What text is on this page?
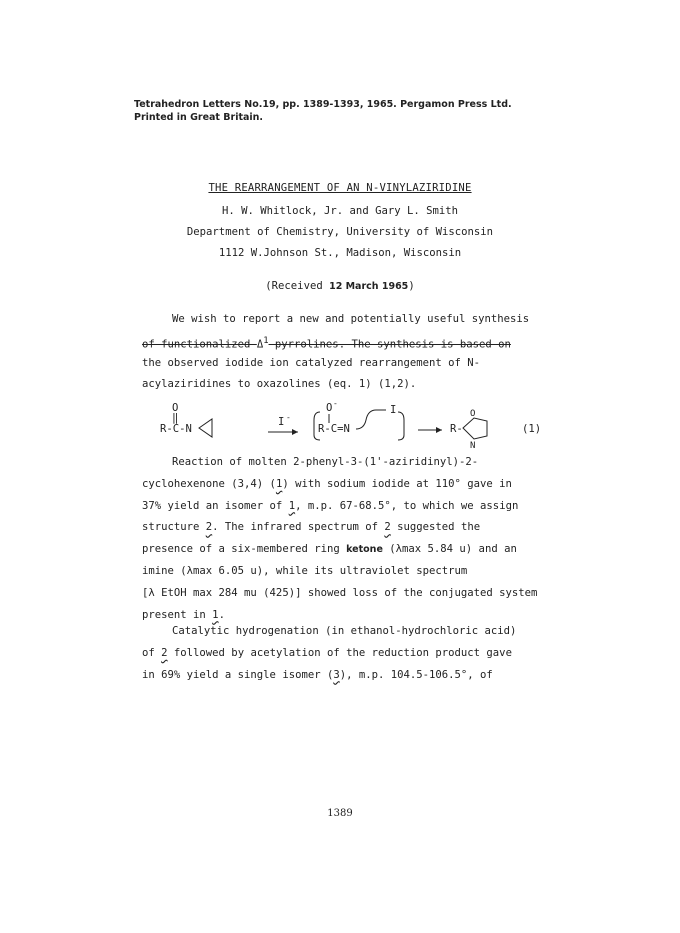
Tetrahedron Letters No.19, pp. 1389-1393, 1965. Pergamon Press Ltd.
Printed in Great Britain.
THE REARRANGEMENT OF AN N-VINYLAZIRIDINE
H. W. Whitlock, Jr. and Gary L. Smith
Department of Chemistry, University of Wisconsin
1112 W.Johnson St., Madison, Wisconsin
(Received 12 March 1965)
We wish to report a new and potentially useful synthesis
of functionalized $\Delta^1$-pyrrolines. The synthesis is based on
the observed iodide ion catalyzed rearrangement of N-
acylaziridines to oxazolines (eq. 1) (1,2).
O
‖
R-C-N
I -
O -
R-C=N
I
R-
O
N
(1)
Reaction of molten 2-phenyl-3-(1'-aziridinyl)-2-
cyclohexenone (3,4) (1) with sodium iodide at 110° gave in
37% yield an isomer of 1, m.p. 67-68.5°, to which we assign
structure 2. The infrared spectrum of 2 suggested the
presence of a six-membered ring ketone (λmax 5.84 u) and an
imine (λmax 6.05 u), while its ultraviolet spectrum
[λ EtOH max 284 mu (425)] showed loss of the conjugated system
present in 1.
Catalytic hydrogenation (in ethanol-hydrochloric acid)
of 2 followed by acetylation of the reduction product gave
in 69% yield a single isomer (3), m.p. 104.5-106.5°, of
1389
